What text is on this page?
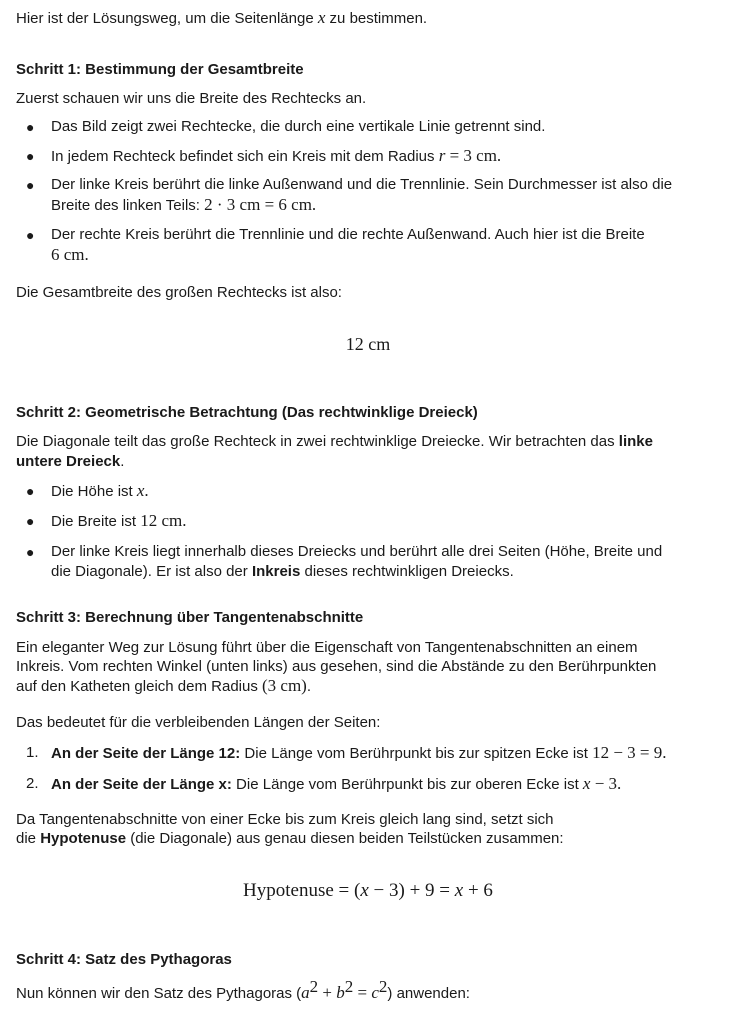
Hier ist der Lösungsweg, um die Seitenlänge x zu bestimmen.
Schritt 1: Bestimmung der Gesamtbreite
Zuerst schauen wir uns die Breite des Rechtecks an.
● Das Bild zeigt zwei Rechtecke, die durch eine vertikale Linie getrennt sind.
● In jedem Rechteck befindet sich ein Kreis mit dem Radius r = 3 cm.
● Der linke Kreis berührt die linke Außenwand und die Trennlinie. Sein Durchmesser ist also die
Breite des linken Teils: 2 · 3 cm = 6 cm.
● Der rechte Kreis berührt die Trennlinie und die rechte Außenwand. Auch hier ist die Breite
6 cm.
Die Gesamtbreite des großen Rechtecks ist also:
12 cm
Schritt 2: Geometrische Betrachtung (Das rechtwinklige Dreieck)
Die Diagonale teilt das große Rechteck in zwei rechtwinklige Dreiecke. Wir betrachten das linke
untere Dreieck.
● Die Höhe ist x.
● Die Breite ist 12 cm.
● Der linke Kreis liegt innerhalb dieses Dreiecks und berührt alle drei Seiten (Höhe, Breite und
die Diagonale). Er ist also der Inkreis dieses rechtwinkligen Dreiecks.
Schritt 3: Berechnung über Tangentenabschnitte
Ein eleganter Weg zur Lösung führt über die Eigenschaft von Tangentenabschnitten an einem
Inkreis. Vom rechten Winkel (unten links) aus gesehen, sind die Abstände zu den Berührpunkten
auf den Katheten gleich dem Radius (3 cm).
Das bedeutet für die verbleibenden Längen der Seiten:
1. An der Seite der Länge 12: Die Länge vom Berührpunkt bis zur spitzen Ecke ist 12 − 3 = 9.
2. An der Seite der Länge x: Die Länge vom Berührpunkt bis zur oberen Ecke ist x − 3.
Da Tangentenabschnitte von einer Ecke bis zum Kreis gleich lang sind, setzt sich
die Hypotenuse (die Diagonale) aus genau diesen beiden Teilstücken zusammen:
Hypotenuse = (x − 3) + 9 = x + 6
Schritt 4: Satz des Pythagoras
Nun können wir den Satz des Pythagoras $(a^2 + b^2 = c^2)$ anwenden:
